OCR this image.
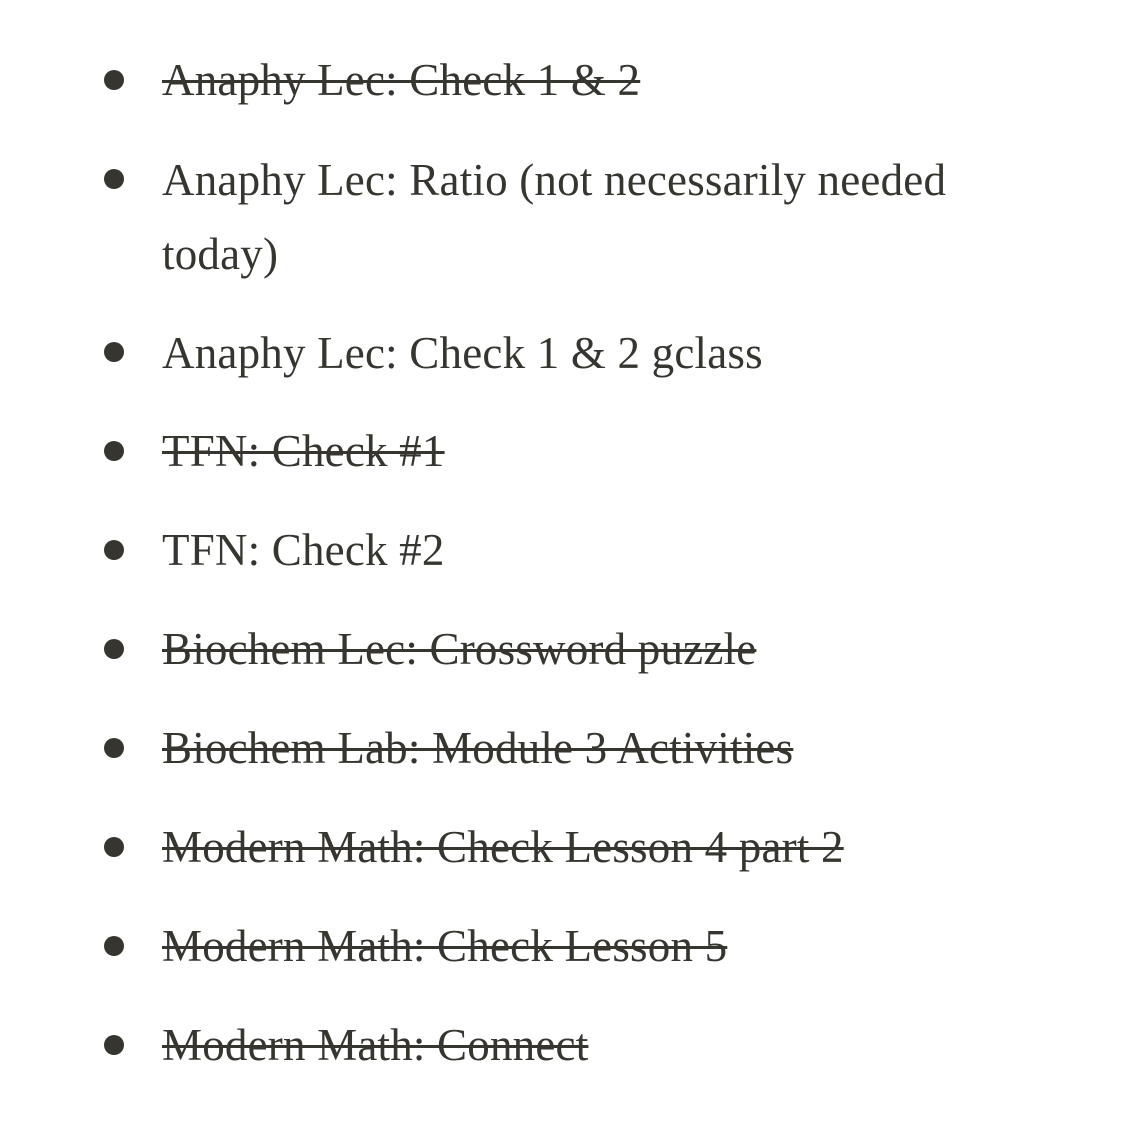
Anaphy Lec: Check 1 & 2
Anaphy Lec: Ratio (not necessarily needed today)
Anaphy Lec: Check 1 & 2 gclass
TFN: Check #1
TFN: Check #2
Biochem Lec: Crossword puzzle
Biochem Lab: Module 3 Activities
Modern Math: Check Lesson 4 part 2
Modern Math: Check Lesson 5
Modern Math: Connect
